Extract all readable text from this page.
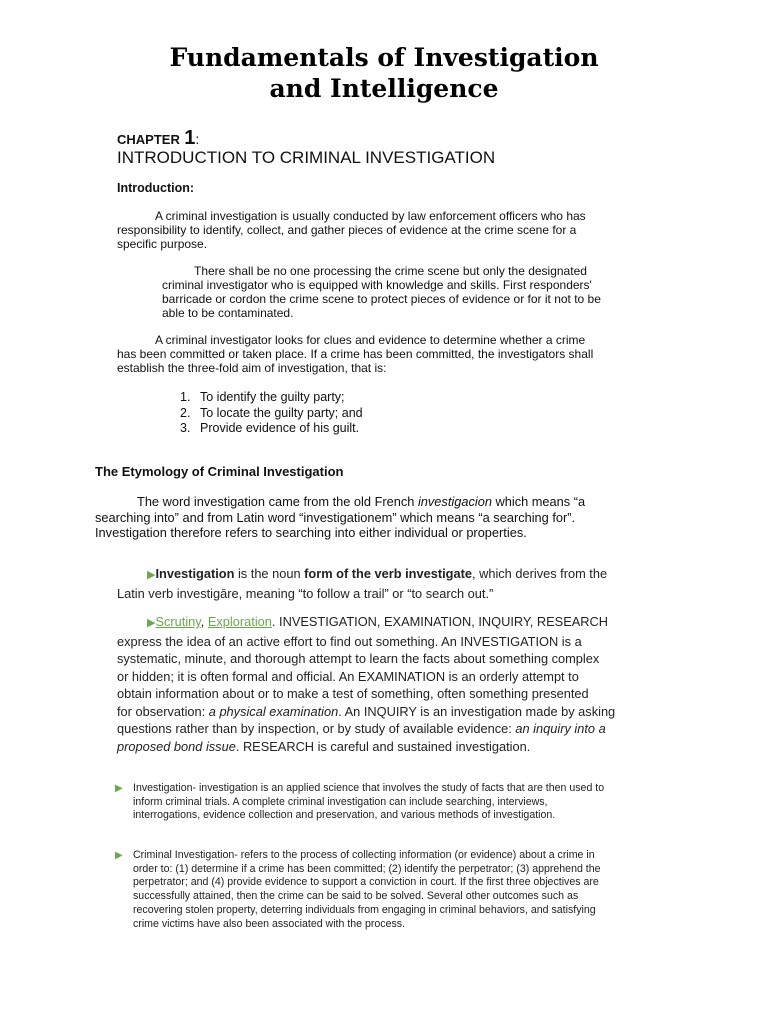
Fundamentals of Investigation
and Intelligence
CHAPTER 1:
INTRODUCTION TO CRIMINAL INVESTIGATION
Introduction:
A criminal investigation is usually conducted by law enforcement officers who has
responsibility to identify, collect, and gather pieces of evidence at the crime scene for a
specific purpose.
There shall be no one processing the crime scene but only the designated
criminal investigator who is equipped with knowledge and skills. First responders'
barricade or cordon the crime scene to protect pieces of evidence or for it not to be
able to be contaminated.
A criminal investigator looks for clues and evidence to determine whether a crime
has been committed or taken place. If a crime has been committed, the investigators shall
establish the three-fold aim of investigation, that is:
1. To identify the guilty party;
2. To locate the guilty party; and
3. Provide evidence of his guilt.
The Etymology of Criminal Investigation
The word investigation came from the old French investigacion which means “a
searching into” and from Latin word “investigationem” which means “a searching for”.
Investigation therefore refers to searching into either individual or properties.
▶Investigation is the noun form of the verb investigate, which derives from the
Latin verb investigāre, meaning “to follow a trail” or “to search out.”
▶Scrutiny, Exploration. INVESTIGATION, EXAMINATION, INQUIRY, RESEARCH
express the idea of an active effort to find out something. An INVESTIGATION is a
systematic, minute, and thorough attempt to learn the facts about something complex
or hidden; it is often formal and official. An EXAMINATION is an orderly attempt to
obtain information about or to make a test of something, often something presented
for observation: a physical examination. An INQUIRY is an investigation made by asking
questions rather than by inspection, or by study of available evidence: an inquiry into a
proposed bond issue. RESEARCH is careful and sustained investigation.
▶ Investigation- investigation is an applied science that involves the study of facts that are then used to
inform criminal trials. A complete criminal investigation can include searching, interviews,
interrogations, evidence collection and preservation, and various methods of investigation.
▶ Criminal Investigation- refers to the process of collecting information (or evidence) about a crime in
order to: (1) determine if a crime has been committed; (2) identify the perpetrator; (3) apprehend the
perpetrator; and (4) provide evidence to support a conviction in court. If the first three objectives are
successfully attained, then the crime can be said to be solved. Several other outcomes such as
recovering stolen property, deterring individuals from engaging in criminal behaviors, and satisfying
crime victims have also been associated with the process.
